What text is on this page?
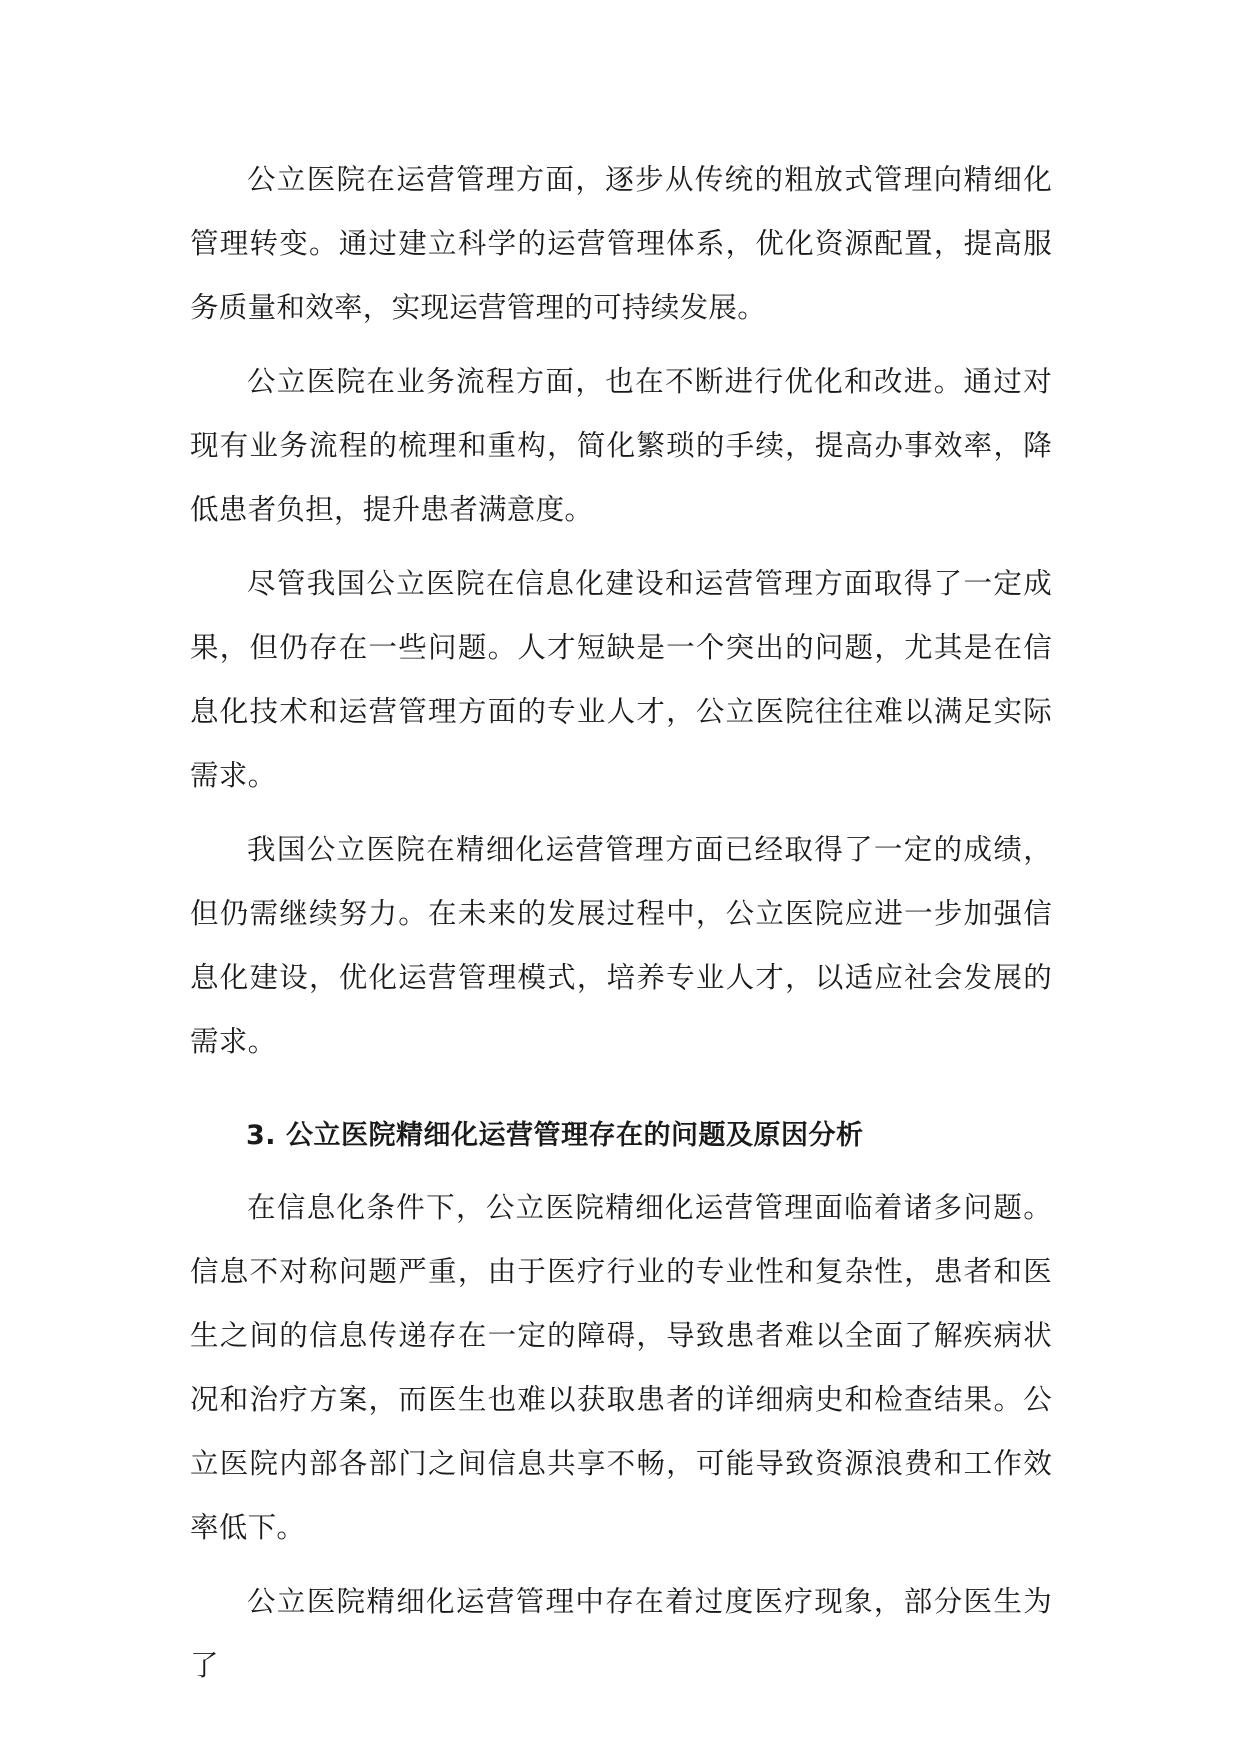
公立医院在运营管理方面，逐步从传统的粗放式管理向精细化管理转变。通过建立科学的运营管理体系，优化资源配置，提高服务质量和效率，实现运营管理的可持续发展。

公立医院在业务流程方面，也在不断进行优化和改进。通过对现有业务流程的梳理和重构，简化繁琐的手续，提高办事效率，降低患者负担，提升患者满意度。

尽管我国公立医院在信息化建设和运营管理方面取得了一定成果，但仍存在一些问题。人才短缺是一个突出的问题，尤其是在信息化技术和运营管理方面的专业人才，公立医院往往难以满足实际需求。

我国公立医院在精细化运营管理方面已经取得了一定的成绩，但仍需继续努力。在未来的发展过程中，公立医院应进一步加强信息化建设，优化运营管理模式，培养专业人才，以适应社会发展的需求。

3. 公立医院精细化运营管理存在的问题及原因分析

在信息化条件下，公立医院精细化运营管理面临着诸多问题。信息不对称问题严重，由于医疗行业的专业性和复杂性，患者和医生之间的信息传递存在一定的障碍，导致患者难以全面了解疾病状况和治疗方案，而医生也难以获取患者的详细病史和检查结果。公立医院内部各部门之间信息共享不畅，可能导致资源浪费和工作效率低下。

公立医院精细化运营管理中存在着过度医疗现象，部分医生为了
